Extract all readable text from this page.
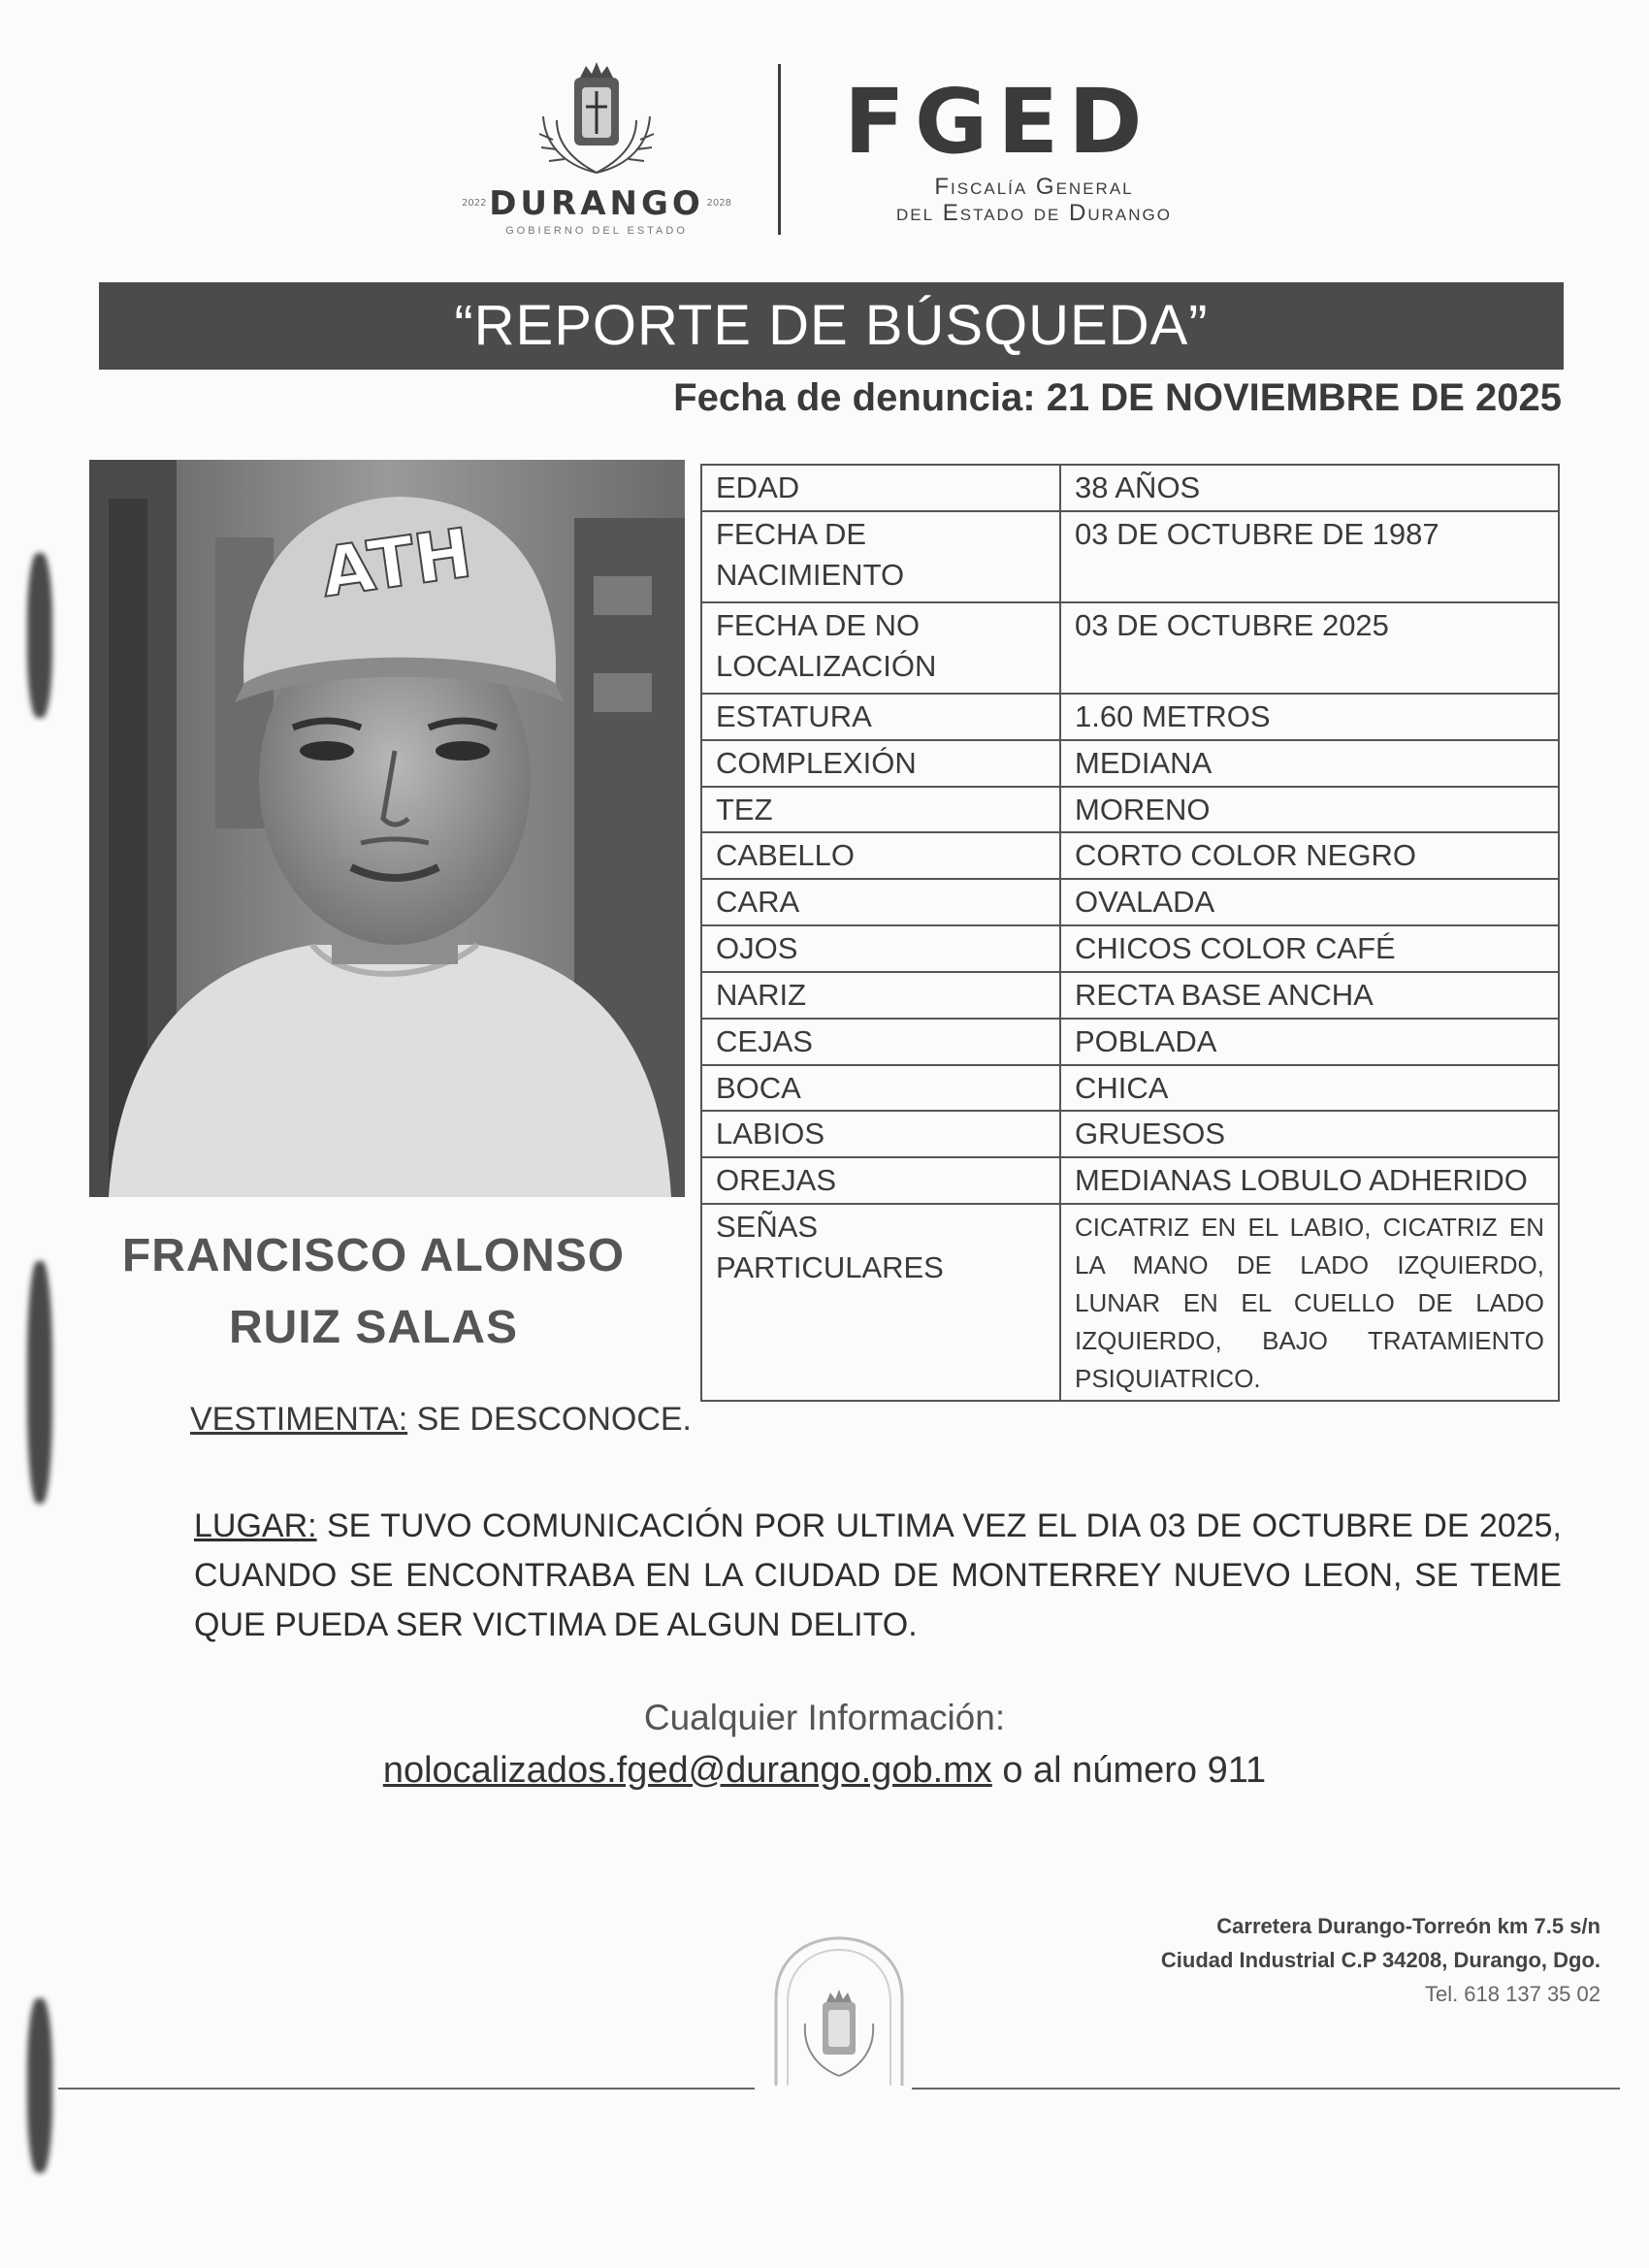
2022 DURANGO 2028
GOBIERNO DEL ESTADO
FGED
Fiscalía General
del Estado de Durango
“REPORTE DE BÚSQUEDA”
Fecha de denuncia: 21 DE NOVIEMBRE DE 2025
ATH
FRANCISCO ALONSO
RUIZ SALAS
EDAD	38 AÑOS
FECHA DE NACIMIENTO	03 DE OCTUBRE DE 1987
FECHA DE NO LOCALIZACIÓN	03 DE OCTUBRE 2025
ESTATURA	1.60 METROS
COMPLEXIÓN	MEDIANA
TEZ	MORENO
CABELLO	CORTO COLOR NEGRO
CARA	OVALADA
OJOS	CHICOS COLOR CAFÉ
NARIZ	RECTA BASE ANCHA
CEJAS	POBLADA
BOCA	CHICA
LABIOS	GRUESOS
OREJAS	MEDIANAS LOBULO ADHERIDO
SEÑAS PARTICULARES	CICATRIZ EN EL LABIO, CICATRIZ EN LA MANO DE LADO IZQUIERDO, LUNAR EN EL CUELLO DE LADO IZQUIERDO, BAJO TRATAMIENTO PSIQUIATRICO.
VESTIMENTA: SE DESCONOCE.
LUGAR: SE TUVO COMUNICACIÓN POR ULTIMA VEZ EL DIA 03 DE OCTUBRE DE 2025, CUANDO SE ENCONTRABA EN LA CIUDAD DE MONTERREY NUEVO LEON, SE TEME QUE PUEDA SER VICTIMA DE ALGUN DELITO.
Cualquier Información:
nolocalizados.fged@durango.gob.mx o al número 911
Carretera Durango-Torreón km 7.5 s/n
Ciudad Industrial C.P 34208, Durango, Dgo.
Tel. 618 137 35 02
